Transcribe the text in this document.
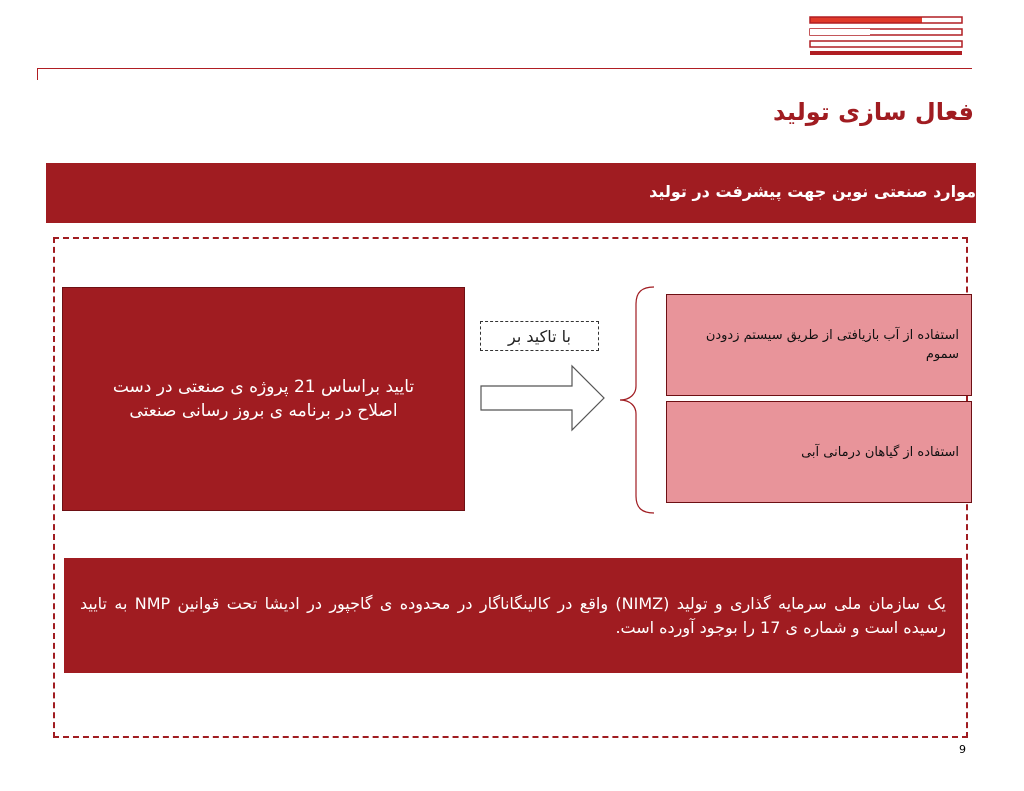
فعال سازی تولید
موارد صنعتی نوین جهت پیشرفت در تولید
تایید براساس 21 پروژه ی صنعتی در دست اصلاح در برنامه ی بروز رسانی صنعتی
با تاکید بر	استفاده از آب بازیافتی از طریق سیستم زدودن سموم
استفاده از گیاهان درمانی آبی
یک سازمان ملی سرمایه گذاری و تولید (NIMZ) واقع در کالینگاناگار در محدوده ی گاجپور در ادیشا تحت قوانین NMP به تایید رسیده است و شماره ی 17 را بوجود آورده است.
9
